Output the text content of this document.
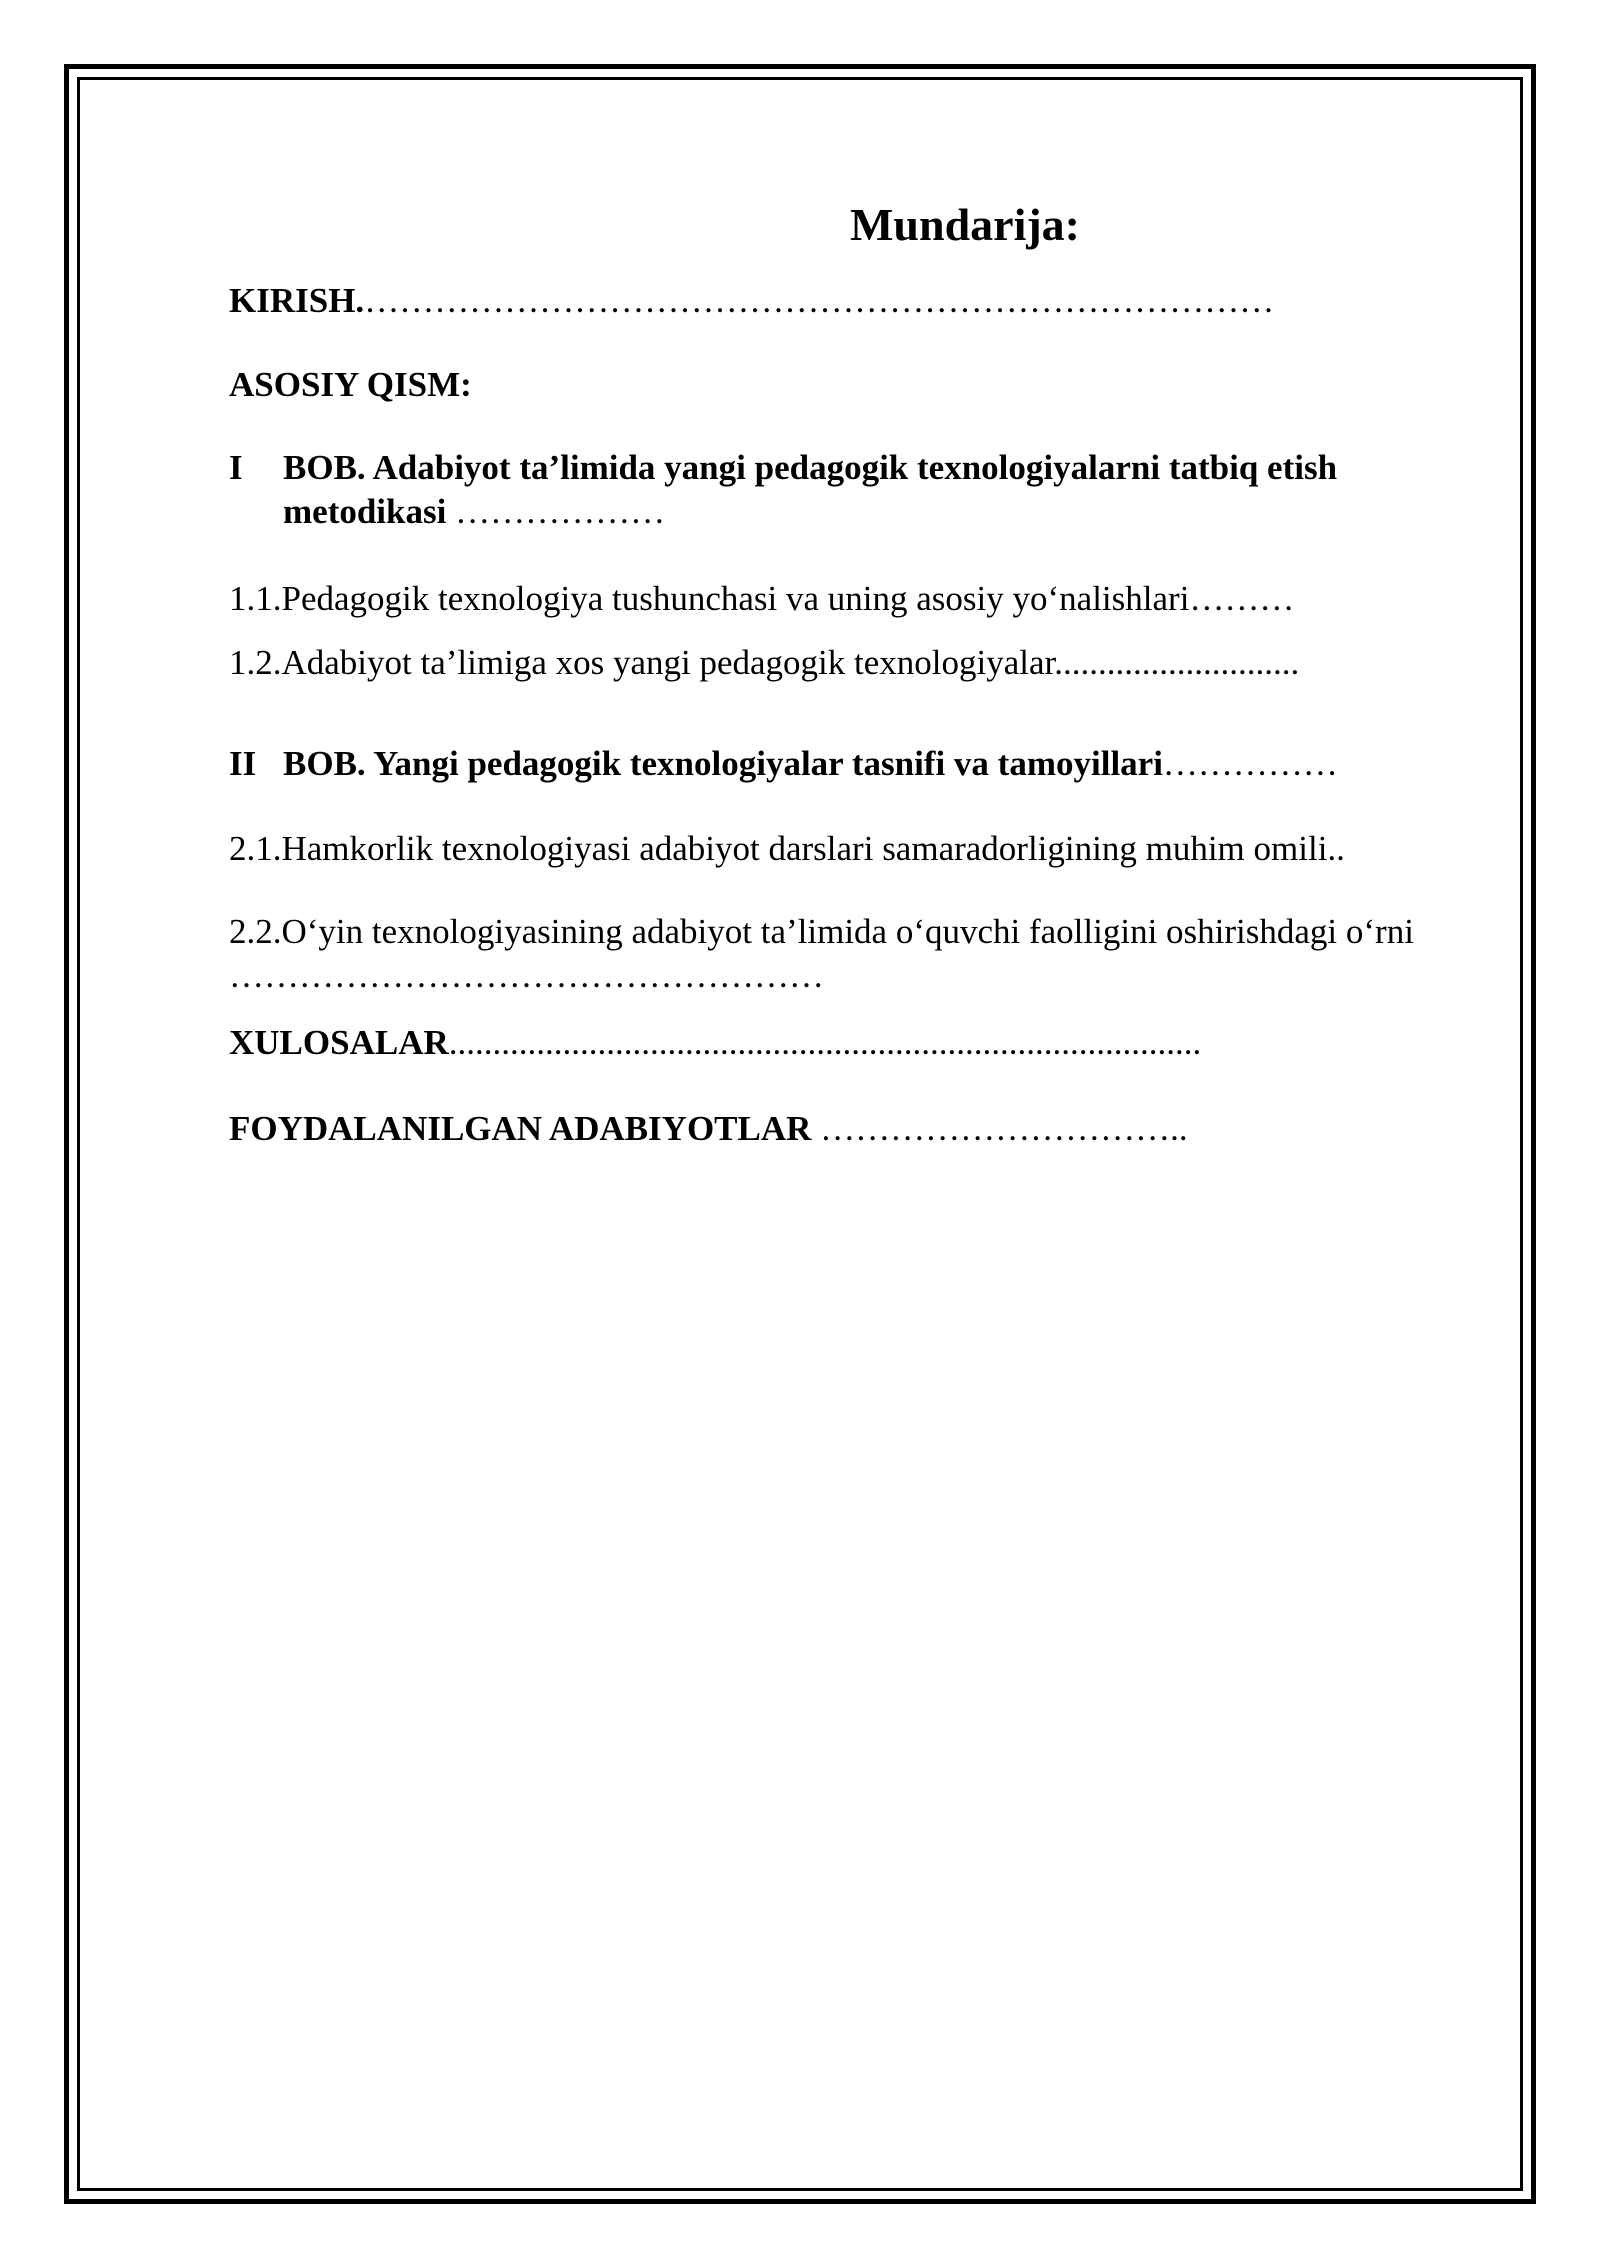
Mundarija:
KIRISH.……………………………………………………………………
ASOSIY QISM:
I	BOB. Adabiyot ta’limida yangi pedagogik texnologiyalarni tatbiq etish metodikasi ………………
1.1.Pedagogik texnologiya tushunchasi va uning asosiy yo‘nalishlari………
1.2.Adabiyot ta’limiga xos yangi pedagogik texnologiyalar............................
II BOB. Yangi pedagogik texnologiyalar tasnifi va tamoyillari……………
2.1.Hamkorlik texnologiyasi adabiyot darslari samaradorligining muhim omili..
2.2.O‘yin texnologiyasining adabiyot ta’limida o‘quvchi faolligini oshirishdagi o‘rni ……………………………………………
XULOSALAR......................................................................................
FOYDALANILGAN ADABIYOTLAR …………………………..
